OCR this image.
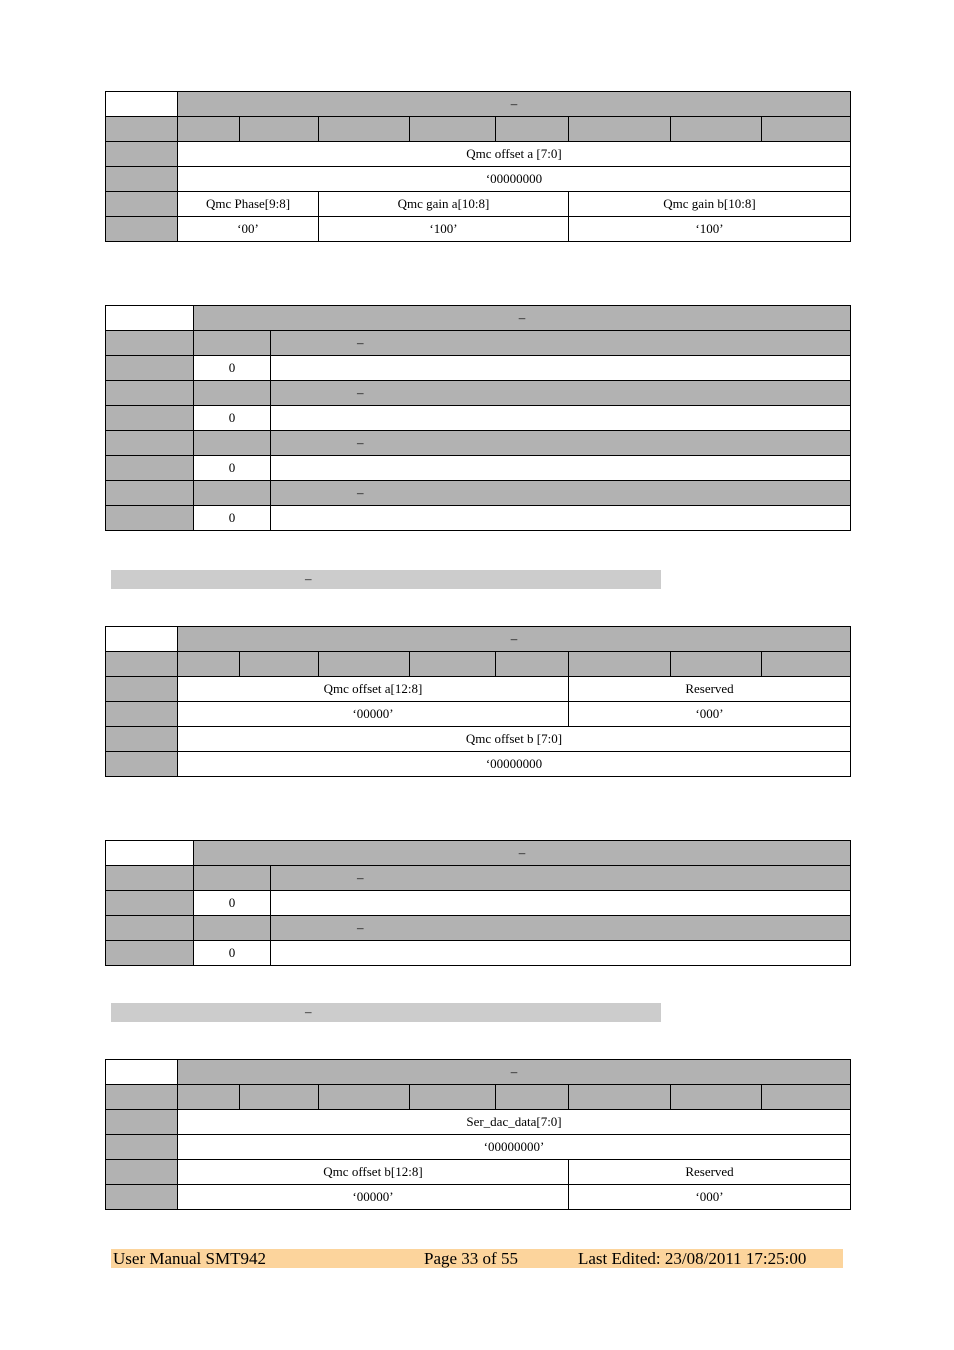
	–							

	Qmc offset a [7:0]							
	‘00000000							
	Qmc Phase[9:8]		Qmc gain a[10:8]			Qmc gain b[10:8]		
	‘00’		‘100’			‘100’		
	–	
		–
	0	
		–
	0	
		–
	0	
		–
	0	
–
	–							

	Qmc offset a[12:8]					Reserved		
	‘00000’					‘000’		
	Qmc offset b [7:0]							
	‘00000000							
	–	
		–
	0	
		–
	0	
–
	–							

	Ser_dac_data[7:0]							
	‘00000000’							
	Qmc offset b[12:8]					Reserved		
	‘00000’					‘000’		
User Manual SMT942	Page 33 of 55	Last Edited: 23/08/2011 17:25:00
